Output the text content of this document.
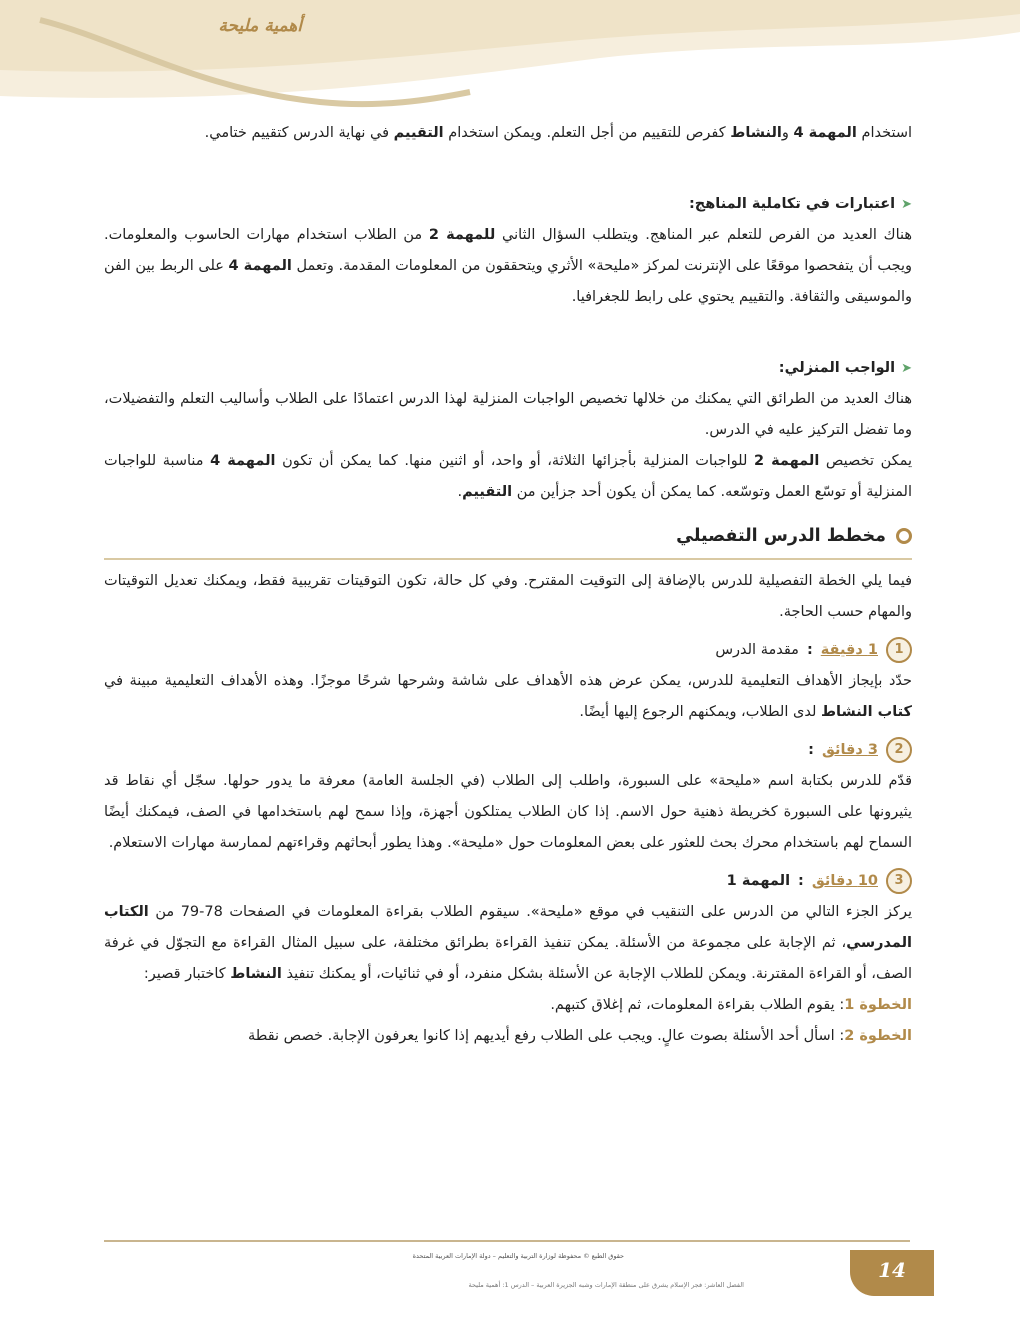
أهمية مليحة

استخدام المهمة 4 والنشاط كفرص للتقييم من أجل التعلم. ويمكن استخدام التقييم في نهاية الدرس كتقييم ختامي.

➤
اعتبارات في تكاملية المناهج:

هناك العديد من الفرص للتعلم عبر المناهج. ويتطلب السؤال الثاني للمهمة 2 من الطلاب استخدام مهارات الحاسوب والمعلومات. ويجب أن يتفحصوا موقعًا على الإنترنت لمركز «مليحة» الأثري ويتحققون من المعلومات المقدمة. وتعمل المهمة 4 على الربط بين الفن والموسيقى والثقافة. والتقييم يحتوي على رابط للجغرافيا.

➤
الواجب المنزلي:

هناك العديد من الطرائق التي يمكنك من خلالها تخصيص الواجبات المنزلية لهذا الدرس اعتمادًا على الطلاب وأساليب التعلم والتفضيلات، وما تفضل التركيز عليه في الدرس.

يمكن تخصيص المهمة 2 للواجبات المنزلية بأجزائها الثلاثة، أو واحد، أو اثنين منها. كما يمكن أن تكون المهمة 4 مناسبة للواجبات المنزلية أو توسّع العمل وتوسّعه. كما يمكن أن يكون أحد جزأين من التقييم.

مخطط الدرس التفصيلي

فيما يلي الخطة التفصيلية للدرس بالإضافة إلى التوقيت المقترح. وفي كل حالة، تكون التوقيتات تقريبية فقط، ويمكنك تعديل التوقيتات والمهام حسب الحاجة.

1
1 دقيقة
:
مقدمة الدرس

حدّد بإيجاز الأهداف التعليمية للدرس، يمكن عرض هذه الأهداف على شاشة وشرحها شرحًا موجزًا. وهذه الأهداف التعليمية مبينة في كتاب النشاط لدى الطلاب، ويمكنهم الرجوع إليها أيضًا.

2
3 دقائق
:

قدّم للدرس بكتابة اسم «مليحة» على السبورة، واطلب إلى الطلاب (في الجلسة العامة) معرفة ما يدور حولها. سجّل أي نقاط قد يثيرونها على السبورة كخريطة ذهنية حول الاسم. إذا كان الطلاب يمتلكون أجهزة، وإذا سمح لهم باستخدامها في الصف، فيمكنك أيضًا السماح لهم باستخدام محرك بحث للعثور على بعض المعلومات حول «مليحة». وهذا يطور أبحاثهم وقراءتهم لممارسة مهارات الاستعلام.

3
10 دقائق
:
المهمة 1

يركز الجزء التالي من الدرس على التنقيب في موقع «مليحة». سيقوم الطلاب بقراءة المعلومات في الصفحات 78-79 من الكتاب المدرسي، ثم الإجابة على مجموعة من الأسئلة. يمكن تنفيذ القراءة بطرائق مختلفة، على سبيل المثال القراءة مع التجوّل في غرفة الصف، أو القراءة المقترنة. ويمكن للطلاب الإجابة عن الأسئلة بشكل منفرد، أو في ثنائيات، أو يمكنك تنفيذ النشاط كاختبار قصير:

الخطوة 1: يقوم الطلاب بقراءة المعلومات، ثم إغلاق كتبهم.

الخطوة 2: اسأل أحد الأسئلة بصوت عالٍ. ويجب على الطلاب رفع أيديهم إذا كانوا يعرفون الإجابة. خصص نقطة

حقوق الطبع © محفوظة لوزارة التربية والتعليم – دولة الإمارات العربية المتحدة
الفصل العاشر: فجر الإسلام يشرق على منطقة الإمارات وشبه الجزيرة العربية – الدرس 1: أهمية مليحة
14
